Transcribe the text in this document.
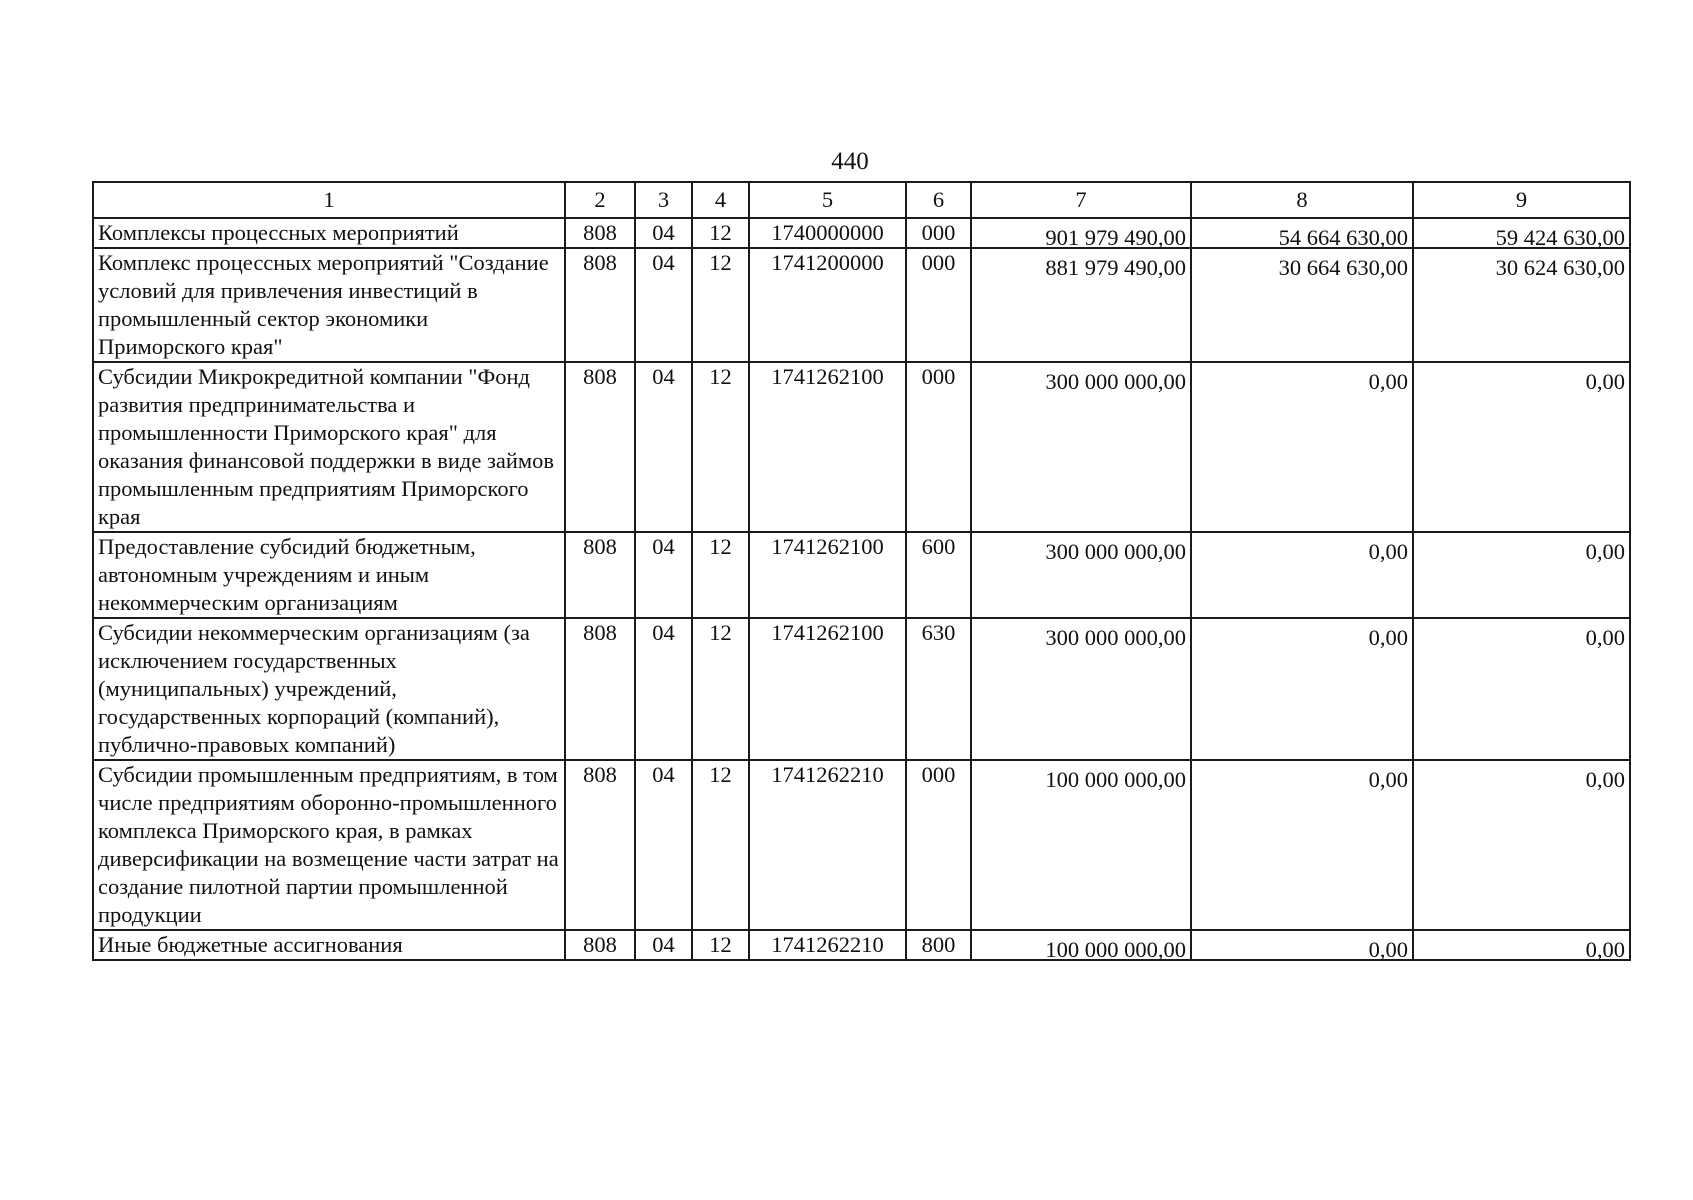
440
1	2	3	4	5	6	7	8	9
Комплексы процессных мероприятий	808	04	12	1740000000	000	901 979 490,00	54 664 630,00	59 424 630,00

Комплекс процессных мероприятий "Создание условий для привлечения инвестиций в промышленный сектор экономики Приморского края"	808	04	12	1741200000	000	881 979 490,00	30 664 630,00	30 624 630,00

Субсидии Микрокредитной компании "Фонд развития предпринимательства и промышленности Приморского края" для оказания финансовой поддержки в виде займов промышленным предприятиям Приморского края	808	04	12	1741262100	000	300 000 000,00	0,00	0,00

Предоставление субсидий бюджетным, автономным учреждениям и иным некоммерческим организациям	808	04	12	1741262100	600	300 000 000,00	0,00	0,00

Субсидии некоммерческим организациям (за исключением государственных (муниципальных) учреждений, государственных корпораций (компаний), публично-правовых компаний)	808	04	12	1741262100	630	300 000 000,00	0,00	0,00

Субсидии промышленным предприятиям, в том числе предприятиям оборонно-промышленного комплекса Приморского края, в рамках диверсификации на возмещение части затрат на создание пилотной партии промышленной продукции	808	04	12	1741262210	000	100 000 000,00	0,00	0,00

Иные бюджетные ассигнования	808	04	12	1741262210	800	100 000 000,00	0,00	0,00
